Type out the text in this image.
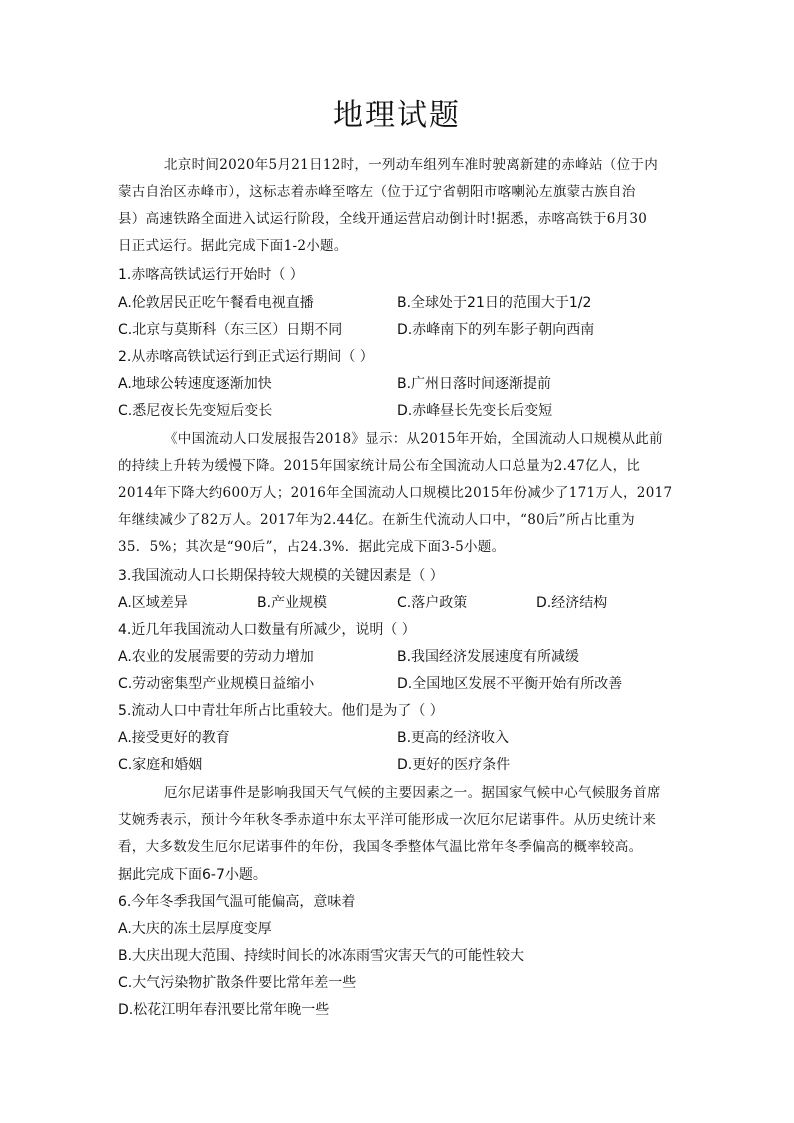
地理试题
北京时间2020年5月21日12时，一列动车组列车准时驶离新建的赤峰站（位于内
蒙古自治区赤峰市），这标志着赤峰至喀左（位于辽宁省朝阳市喀喇沁左旗蒙古族自治
县）高速铁路全面进入试运行阶段，全线开通运营启动倒计时!据悉，赤喀高铁于6月30
日正式运行。据此完成下面1-2小题。
1.赤喀高铁试运行开始时（ ）
A.伦敦居民正吃午餐看电视直播	B.全球处于21日的范围大于1/2
C.北京与莫斯科（东三区）日期不同	D.赤峰南下的列车影子朝向西南
2.从赤喀高铁试运行到正式运行期间（ ）
A.地球公转速度逐渐加快	B.广州日落时间逐渐提前
C.悉尼夜长先变短后变长	D.赤峰昼长先变长后变短
《中国流动人口发展报告2018》显示：从2015年开始，全国流动人口规模从此前
的持续上升转为缓慢下降。2015年国家统计局公布全国流动人口总量为2.47亿人，比
2014年下降大约600万人；2016年全国流动人口规模比2015年份减少了171万人，2017
年继续减少了82万人。2017年为2.44亿。在新生代流动人口中，“80后”所占比重为
35．5%；其次是“90后”，占24.3%．据此完成下面3-5小题。
3.我国流动人口长期保持较大规模的关键因素是（ ）
A.区域差异	B.产业规模	C.落户政策	D.经济结构
4.近几年我国流动人口数量有所减少，说明（ ）
A.农业的发展需要的劳动力增加	B.我国经济发展速度有所减缓
C.劳动密集型产业规模日益缩小	D.全国地区发展不平衡开始有所改善
5.流动人口中青壮年所占比重较大。他们是为了（ ）
A.接受更好的教育	B.更高的经济收入
C.家庭和婚姻	D.更好的医疗条件
厄尔尼诺事件是影响我国天气气候的主要因素之一。据国家气候中心气候服务首席
艾婉秀表示，预计今年秋冬季赤道中东太平洋可能形成一次厄尔尼诺事件。从历史统计来
看，大多数发生厄尔尼诺事件的年份，我国冬季整体气温比常年冬季偏高的概率较高。
据此完成下面6-7小题。
6.今年冬季我国气温可能偏高，意味着
A.大庆的冻土层厚度变厚
B.大庆出现大范围、持续时间长的冰冻雨雪灾害天气的可能性较大
C.大气污染物扩散条件要比常年差一些
D.松花江明年春汛要比常年晚一些
